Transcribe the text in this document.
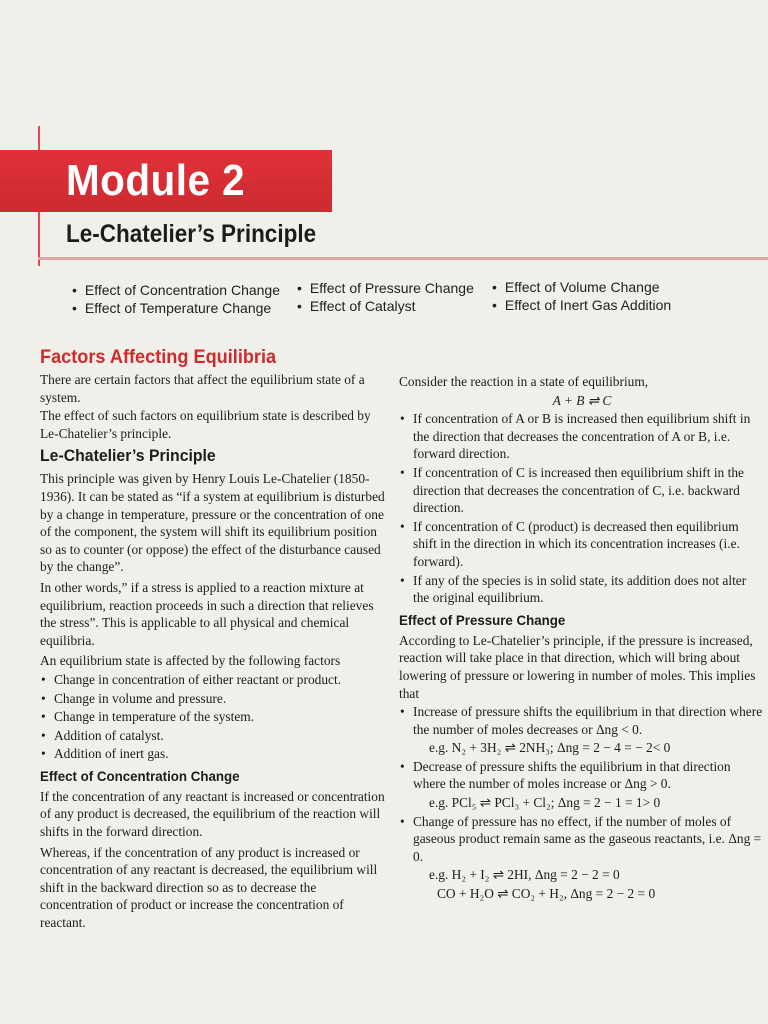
Module 2
Le-Chatelier’s Principle
• Effect of Concentration Change
• Effect of Temperature Change
• Effect of Pressure Change
• Effect of Catalyst
• Effect of Volume Change
• Effect of Inert Gas Addition
Factors Affecting Equilibria

There are certain factors that affect the equilibrium state of a system.

The effect of such factors on equilibrium state is described by Le-Chatelier’s principle.

Le-Chatelier’s Principle

This principle was given by Henry Louis Le-Chatelier (1850-1936). It can be stated as “if a system at equilibrium is disturbed by a change in temperature, pressure or the concentration of one of the component, the system will shift its equilibrium position so as to counter (or oppose) the effect of the disturbance caused by the change”.

In other words,” if a stress is applied to a reaction mixture at equilibrium, reaction proceeds in such a direction that relieves the stress”. This is applicable to all physical and chemical equilibria.

An equilibrium state is affected by the following factors

• Change in concentration of either reactant or product.
• Change in volume and pressure.
• Change in temperature of the system.
• Addition of catalyst.
• Addition of inert gas.
Effect of Concentration Change

If the concentration of any reactant is increased or concentration of any product is decreased, the equilibrium of the reaction will shifts in the forward direction.

Whereas, if the concentration of any product is increased or concentration of any reactant is decreased, the equilibrium will shift in the backward direction so as to decrease the concentration of product or increase the concentration of reactant.

Consider the reaction in a state of equilibrium,

A + B ⇌ C

• If concentration of A or B is increased then equilibrium shift in the direction that decreases the concentration of A or B, i.e. forward direction.
• If concentration of C is increased then equilibrium shift in the direction that decreases the concentration of C, i.e. backward direction.
• If concentration of C (product) is decreased then equilibrium shift in the direction in which its concentration increases (i.e. forward).
• If any of the species is in solid state, its addition does not alter the original equilibrium.
Effect of Pressure Change

According to Le-Chatelier’s principle, if the pressure is increased, reaction will take place in that direction, which will bring about lowering of pressure or lowering in number of moles. This implies that

• Increase of pressure shifts the equilibrium in that direction where the number of moles decreases or Δng < 0.

e.g. N₂ + 3H₂ ⇌ 2NH₃; Δng = 2 − 4 = − 2< 0

• Decrease of pressure shifts the equilibrium in that direction where the number of moles increase or Δng > 0.

e.g. PCl₅ ⇌ PCl₃ + Cl₂; Δng = 2 − 1 = 1> 0

• Change of pressure has no effect, if the number of moles of gaseous product remain same as the gaseous reactants, i.e. Δng = 0.

e.g. H₂ + I₂ ⇌ 2HI, Δng = 2 − 2 = 0

CO + H₂O ⇌ CO₂ + H₂, Δng = 2 − 2 = 0
